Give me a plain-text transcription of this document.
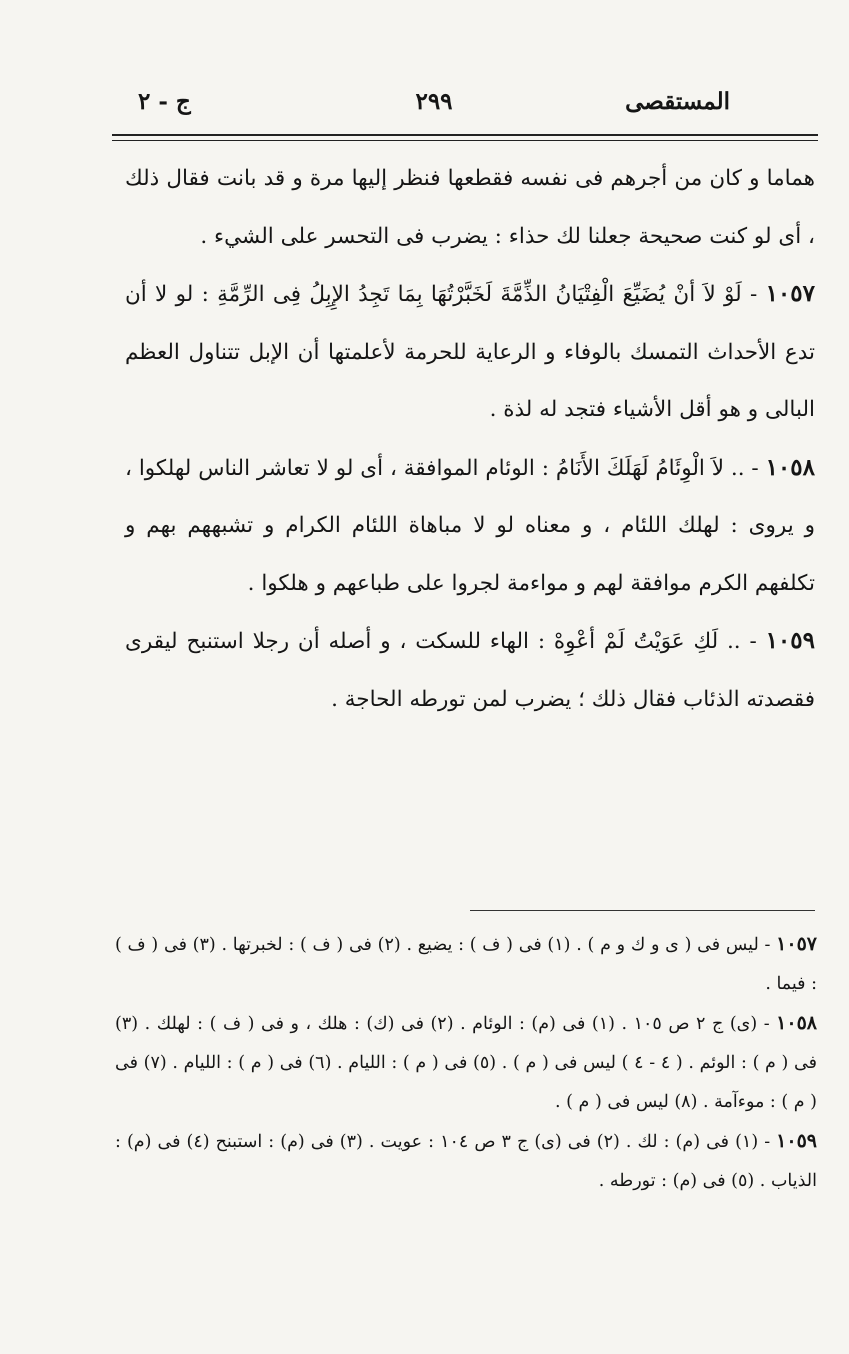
المستقصى
٢٩٩
ج - ٢

هماما و كان من أجرهم فى نفسه فقطعها فنظر إليها مرة و قد بانت فقال ذلك ، أى لو كنت صحيحة جعلنا لك حذاء : يضرب فى التحسر على الشيء .

١٠٥٧ - لَوْ لاَ أنْ يُضَيِّعَ الْفِتْيَانُ الذِّمَّةَ لَخَبَّرْتُهَا بِمَا تَجِدُ الإِبِلُ فِى الرِّمَّةِ : لو لا أن تدع الأحداث التمسك بالوفاء و الرعاية للحرمة لأعلمتها أن الإبل تتناول العظم البالى و هو أقل الأشياء فتجد له لذة .

١٠٥٨ - .. لاَ الْوِئَامُ لَهَلَكَ الأَنَامُ : الوئام الموافقة ، أى لو لا تعاشر الناس لهلكوا ، و يروى : لهلك اللئام ، و معناه لو لا مباهاة اللئام الكرام و تشبههم بهم و تكلفهم الكرم موافقة لهم و مواءمة لجروا على طباعهم و هلكوا .

١٠٥٩ - .. لَكِ عَوَيْتُ لَمْ أعْوِهْ : الهاء للسكت ، و أصله أن رجلا استنبح ليقرى فقصدته الذئاب فقال ذلك ؛ يضرب لمن تورطه الحاجة .

١٠٥٧ - ليس فى ( ى و ك و م ) . (١) فى ( ف ) : يضيع . (٢) فى ( ف ) : لخبرتها . (٣) فى ( ف ) : فيما .

١٠٥٨ - (ى) ج ٢ ص ١٠٥ . (١) فى (م) : الوئام . (٢) فى (ك) : هلك ، و فى ( ف ) : لهلك . (٣) فى ( م ) : الوئم . ( ٤ - ٤ ) ليس فى ( م ) . (٥) فى ( م ) : الليام . (٦) فى ( م ) : الليام . (٧) فى ( م ) : موءآمة . (٨) ليس فى ( م ) .

١٠٥٩ - (١) فى (م) : لك . (٢) فى (ى) ج ٣ ص ١٠٤ : عويت . (٣) فى (م) : استبنح (٤) فى (م) : الذياب . (٥) فى (م) : تورطه .
